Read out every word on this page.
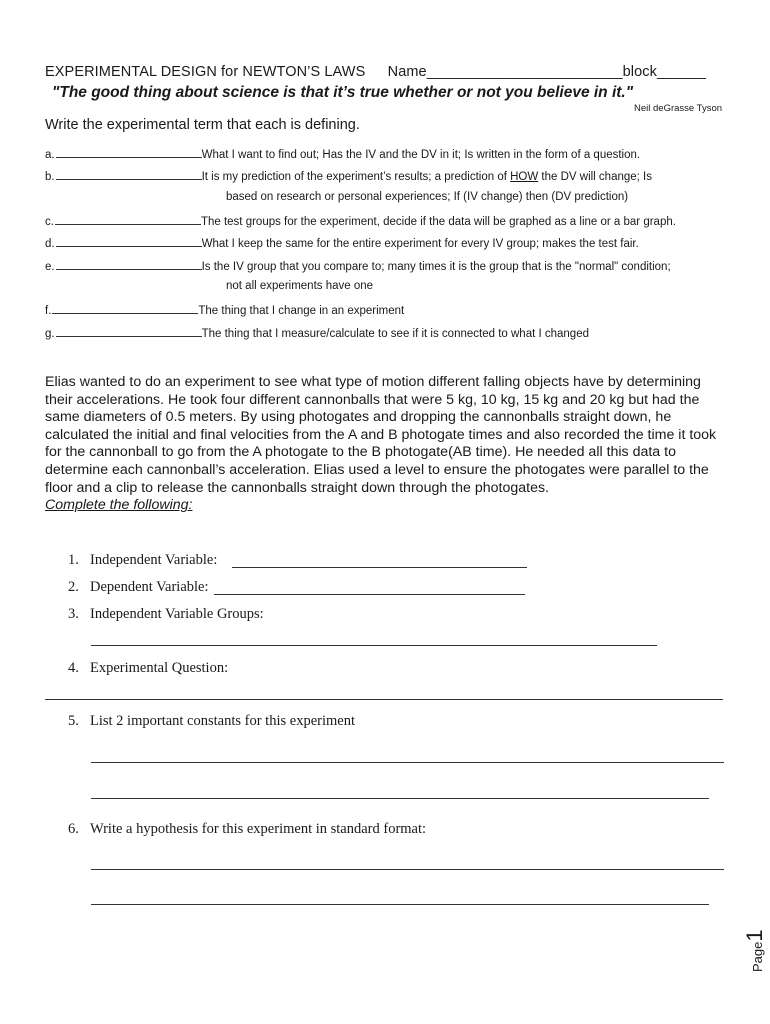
EXPERIMENTAL DESIGN for NEWTON’S LAWS Name________________________block______
"The good thing about science is that it’s true whether or not you believe in it."
Neil deGrasse Tyson
Write the experimental term that each is defining.
a.	What I want to find out; Has the IV and the DV in it; Is written in the form of a question.
b.	It is my prediction of the experiment’s results; a prediction of HOW the DV will change; Is
based on research or personal experiences; If (IV change) then (DV prediction)
c.	The test groups for the experiment, decide if the data will be graphed as a line or a bar graph.
d.	What I keep the same for the entire experiment for every IV group; makes the test fair.
e.	Is the IV group that you compare to; many times it is the group that is the "normal" condition;
not all experiments have one
f.	The thing that I change in an experiment
g.	The thing that I measure/calculate to see if it is connected to what I changed
Elias wanted to do an experiment to see what type of motion different falling objects have by determining their accelerations. He took four different cannonballs that were 5 kg, 10 kg, 15 kg and 20 kg but had the same diameters of 0.5 meters. By using photogates and dropping the cannonballs straight down, he calculated the initial and final velocities from the A and B photogate times and also recorded the time it took for the cannonball to go from the A photogate to the B photogate(AB time). He needed all this data to determine each cannonball’s acceleration. Elias used a level to ensure the photogates were parallel to the floor and a clip to release the cannonballs straight down through the photogates.
Complete the following:
1. Independent Variable:
2. Dependent Variable:
3. Independent Variable Groups:
4. Experimental Question:
5. List 2 important constants for this experiment
6. Write a hypothesis for this experiment in standard format:
Page1
